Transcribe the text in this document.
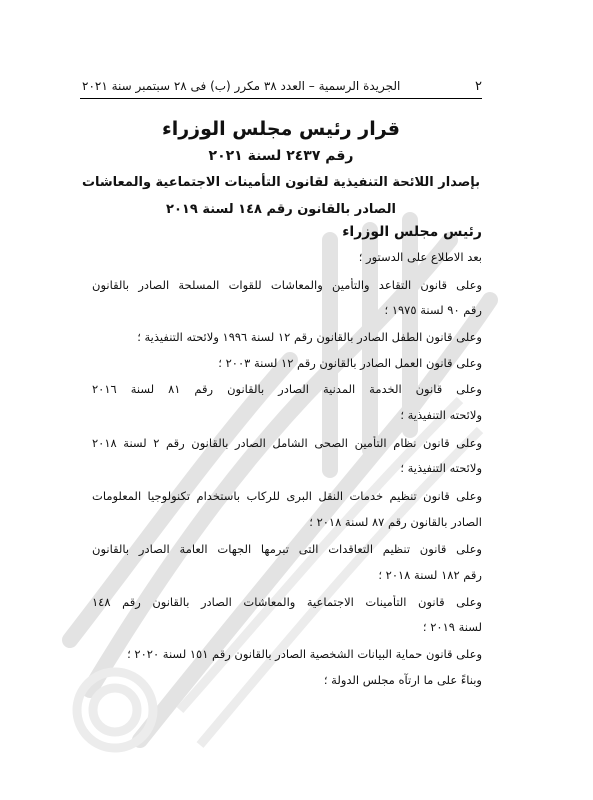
٢
الجريدة الرسمية – العدد ٣٨ مكرر (ب) فى ٢٨ سبتمبر سنة ٢٠٢١
قرار رئيس مجلس الوزراء
رقم ٢٤٣٧ لسنة ٢٠٢١
بإصدار اللائحة التنفيذية لقانون التأمينات الاجتماعية والمعاشات
الصادر بالقانون رقم ١٤٨ لسنة ٢٠١٩
رئيس مجلس الوزراء
بعد الاطلاع على الدستور ؛
وعلى قانون التقاعد والتأمين والمعاشات للقوات المسلحة الصادر بالقانون
رقم ٩٠ لسنة ١٩٧٥ ؛
وعلى قانون الطفل الصادر بالقانون رقم ١٢ لسنة ١٩٩٦ ولائحته التنفيذية ؛
وعلى قانون العمل الصادر بالقانون رقم ١٢ لسنة ٢٠٠٣ ؛
وعلى قانون الخدمة المدنية الصادر بالقانون رقم ٨١ لسنة ٢٠١٦
ولائحته التنفيذية ؛
وعلى قانون نظام التأمين الصحى الشامل الصادر بالقانون رقم ٢ لسنة ٢٠١٨
ولائحته التنفيذية ؛
وعلى قانون تنظيم خدمات النقل البرى للركاب باستخدام تكنولوجيا المعلومات
الصادر بالقانون رقم ٨٧ لسنة ٢٠١٨ ؛
وعلى قانون تنظيم التعاقدات التى تبرمها الجهات العامة الصادر بالقانون
رقم ١٨٢ لسنة ٢٠١٨ ؛
وعلى قانون التأمينات الاجتماعية والمعاشات الصادر بالقانون رقم ١٤٨
لسنة ٢٠١٩ ؛
وعلى قانون حماية البيانات الشخصية الصادر بالقانون رقم ١٥١ لسنة ٢٠٢٠ ؛
وبناءً على ما ارتآه مجلس الدولة ؛
